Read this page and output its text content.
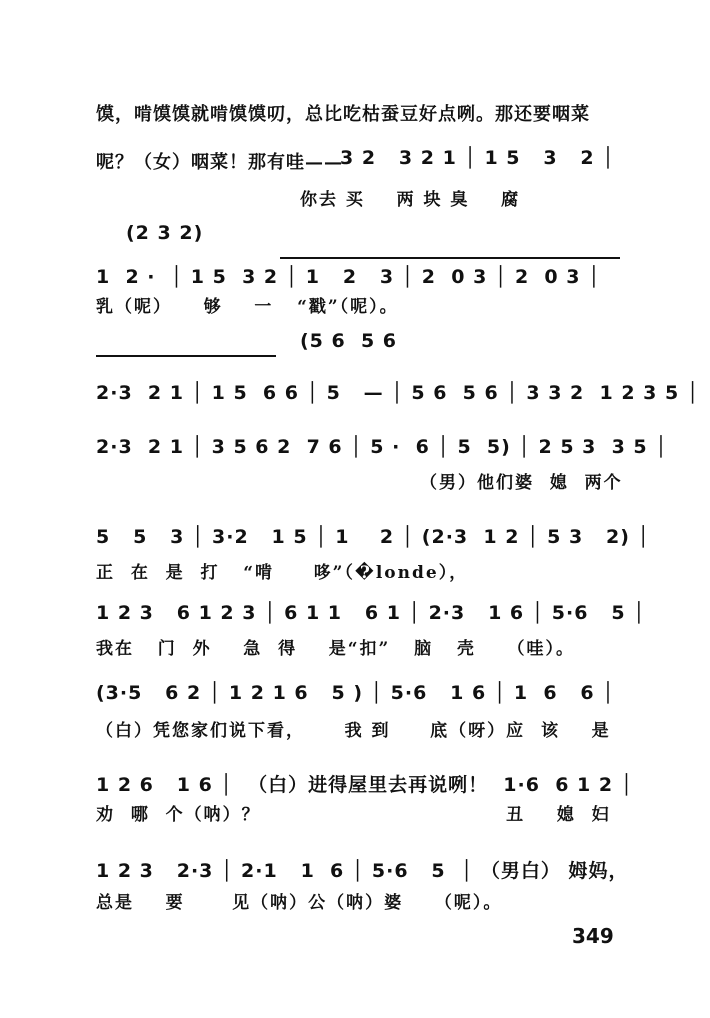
馍，啃馍馍就啃馍馍叨，总比吃枯蚕豆好点咧。那还要咽菜
呢？（女）咽菜！那有哇——
3 2   3 2 1 │ 1 5   3   2 │
你去 买    两 块 臭    腐
(2 3 2)
1  2 ·  │ 1 5  3 2 │ 1   2   3 │ 2  0 3 │ 2  0 3 │
乳（呢）    够    一   “戳”（呢）。
(5 6  5 6
2·3  2 1 │ 1 5  6 6 │ 5   — │ 5 6  5 6 │ 3 3 2  1 2 3 5 │
2·3  2 1 │ 3 5 6 2  7 6 │ 5 ·  6 │ 5  5) │ 2 5 3  3 5 │
（男）他们婆  媳  两个
5   5   3 │ 3·2   1 5 │ 1    2 │ (2·3  1 2 │ 5 3   2) │
正  在  是  打   “啃     哆”（�londe），
1 2 3   6 1 2 3 │ 6 1 1   6 1 │ 2·3   1 6 │ 5·6   5 │
我在   门  外    急  得    是“扣”   脑   壳    （哇）。
(3·5   6 2 │ 1 2 1 6   5 ) │ 5·6   1 6 │ 1  6   6 │
（白）凭您家们说下看，     我 到     底（呀）应  该    是
1 2 6   1 6 │  （白）进得屋里去再说咧！  1·6  6 1 2 │
劝  哪  个（呐）？                               丑    媳  妇
1 2 3   2·3 │ 2·1   1  6 │ 5·6   5  │ （男白） 姆妈，
总是    要      见（呐）公（呐）婆    （呢）。
349
